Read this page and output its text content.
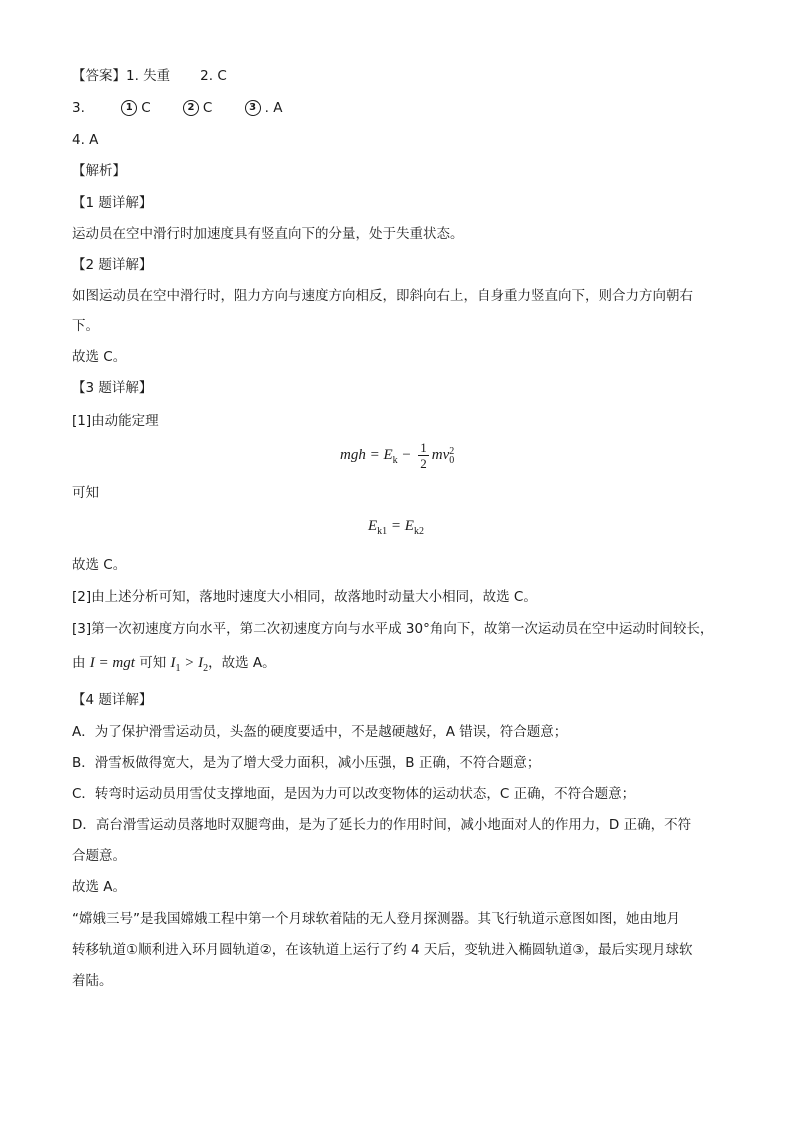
【答案】1. 失重 2. C
3.	1 C	2 C	3 . A
4. A
【解析】
【1 题详解】
运动员在空中滑行时加速度具有竖直向下的分量，处于失重状态。
【2 题详解】
如图运动员在空中滑行时，阻力方向与速度方向相反，即斜向右上，自身重力竖直向下，则合力方向朝右
下。
故选 C。
【3 题详解】
[1]由动能定理
mgh = $E_k - \frac{1}{2}$ mv 2
0
可知
$E_{k1} = E_{k2}$
故选 C。
[2]由上述分析可知，落地时速度大小相同，故落地时动量大小相同，故选 C。
[3]第一次初速度方向水平，第二次初速度方向与水平成 30°角向下，故第一次运动员在空中运动时间较长，
由 I = mgt 可知 $I_1 > I_2$，故选 A。
【4 题详解】
A．为了保护滑雪运动员，头盔的硬度要适中，不是越硬越好，A 错误，符合题意；
B．滑雪板做得宽大，是为了增大受力面积，减小压强，B 正确，不符合题意；
C．转弯时运动员用雪仗支撑地面，是因为力可以改变物体的运动状态，C 正确，不符合题意；
D．高台滑雪运动员落地时双腿弯曲，是为了延长力的作用时间，减小地面对人的作用力，D 正确，不符
合题意。
故选 A。
“嫦娥三号”是我国嫦娥工程中第一个月球软着陆的无人登月探测器。其飞行轨道示意图如图，她由地月
转移轨道①顺利进入环月圆轨道②，在该轨道上运行了约 4 天后，变轨进入椭圆轨道③，最后实现月球软
着陆。
